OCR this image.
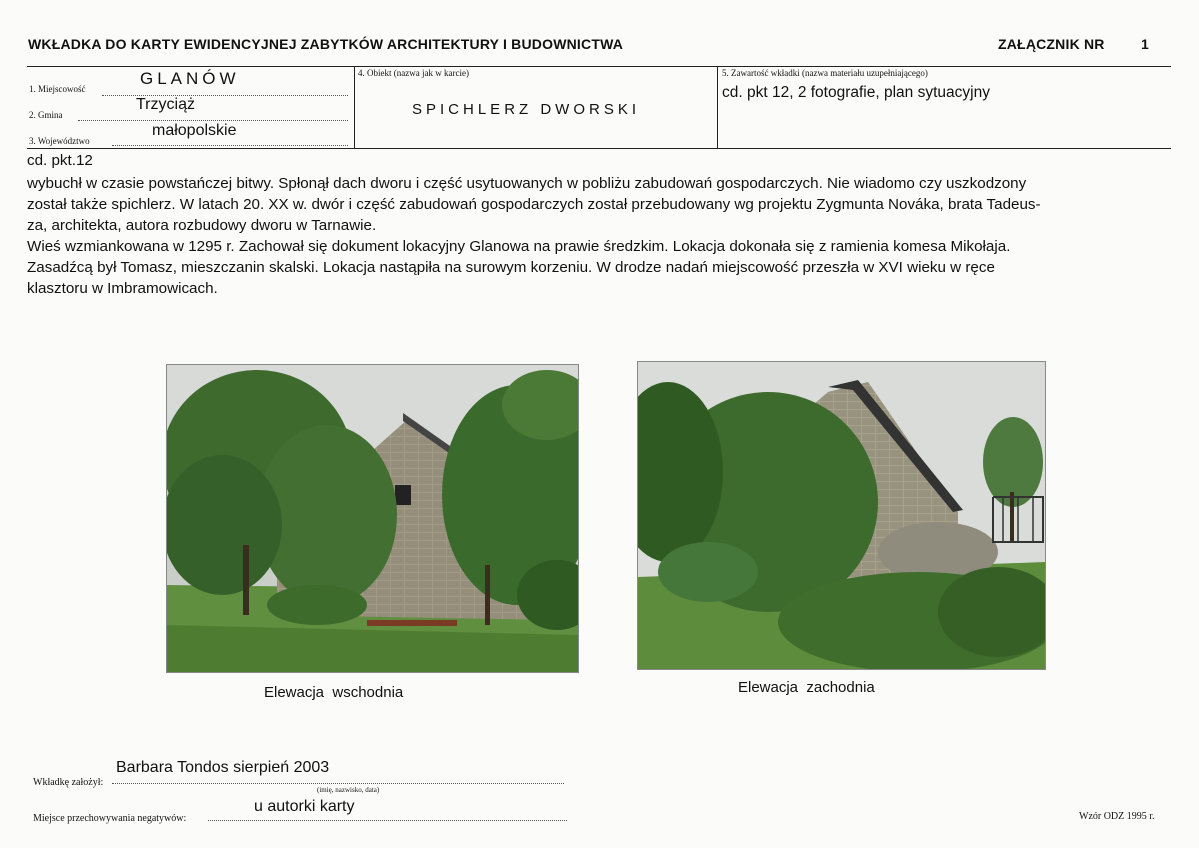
WKŁADKA DO KARTY EWIDENCYJNEJ ZABYTKÓW ARCHITEKTURY I BUDOWNICTWA	ZAŁĄCZNIK NR	1
1. Miejscowość
GLANÓW
2. Gmina
Trzyciąż
3. Województwo
małopolskie
4. Obiekt (nazwa jak w karcie)
SPICHLERZ DWORSKI
5. Zawartość wkładki (nazwa materiału uzupełniającego)
cd. pkt 12, 2 fotografie, plan sytuacyjny
cd. pkt.12
wybuchł w czasie powstańczej bitwy. Spłonął dach dworu i część usytuowanych w pobliżu zabudowań gospodarczych. Nie wiadomo czy uszkodzony
został także spichlerz. W latach 20. XX w. dwór i część zabudowań gospodarczych został przebudowany wg projektu Zygmunta Nováka, brata Tadeus-
za, architekta, autora rozbudowy dworu w Tarnawie.
Wieś wzmiankowana w 1295 r. Zachował się dokument lokacyjny Glanowa na prawie średzkim. Lokacja dokonała się z ramienia komesa Mikołaja.
Zasadźcą był Tomasz, mieszczanin skalski. Lokacja nastąpiła na surowym korzeniu. W drodze nadań miejscowość przeszła w XVI wieku w ręce
klasztoru w Imbramowicach.
Elewacja  wschodnia	Elewacja  zachodnia
Wkładkę założył:
Barbara Tondos sierpień 2003
(imię, nazwisko, data)
Miejsce przechowywania negatywów:
u autorki karty
Wzór ODZ 1995 r.
